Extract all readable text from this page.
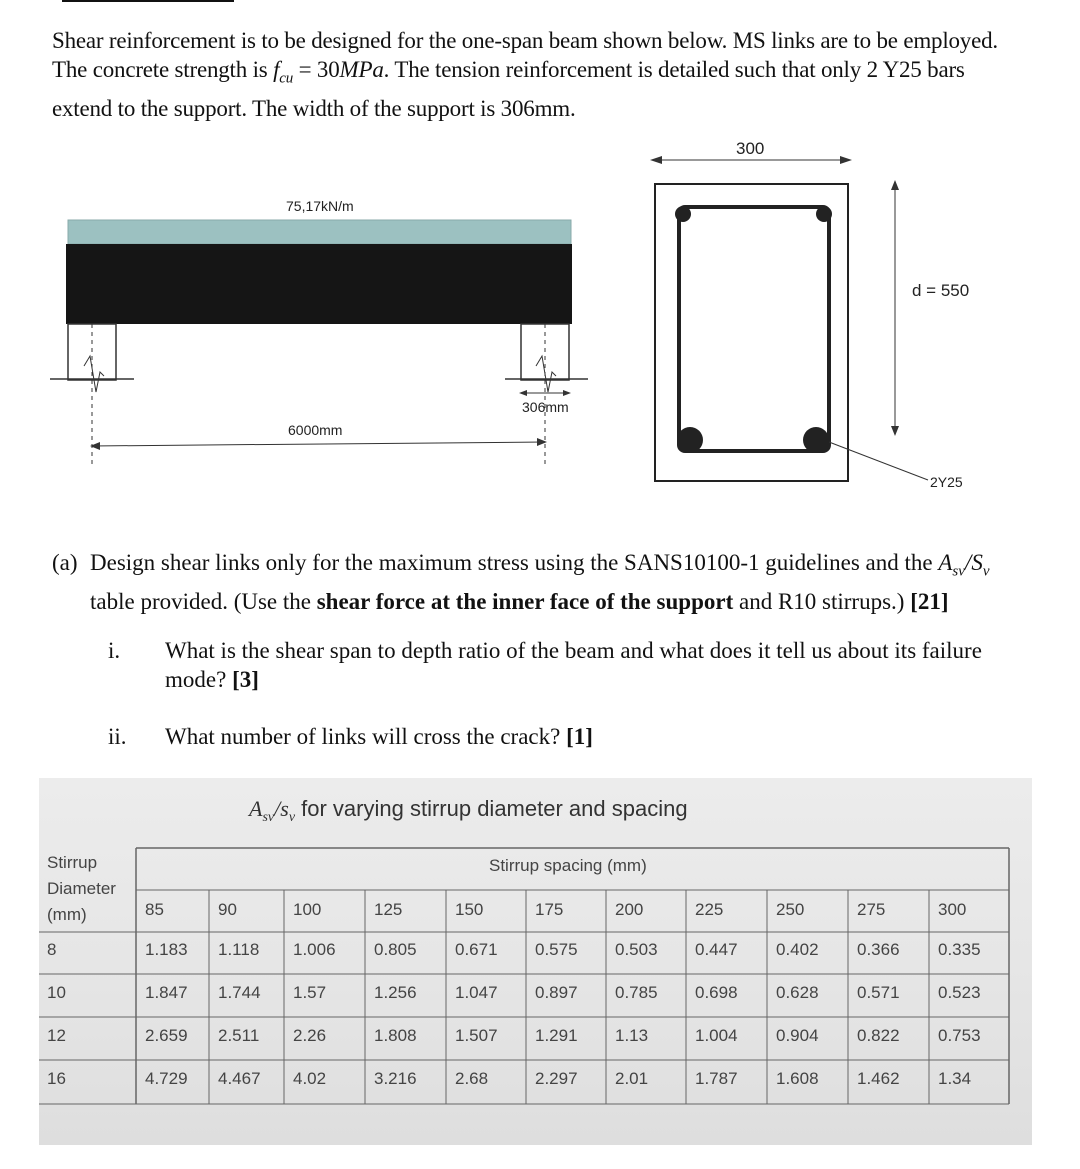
Shear reinforcement is to be designed for the one-span beam shown below. MS links are to be employed.
The concrete strength is $f_{cu} = 30MPa$. The tension reinforcement is detailed such that only 2 Y25 bars
extend to the support. The width of the support is 306mm.
75,17kN/m
306mm
6000mm
300
d = 550
2Y25
(a) Design shear links only for the maximum stress using the SANS10100-1 guidelines and the $A_{sv}/S_v$
table provided. (Use the shear force at the inner face of the support and R10 stirrups.) [21]
i. What is the shear span to depth ratio of the beam and what does it tell us about its failure
mode? [3]
ii. What number of links will cross the crack? [1]
$A_{sv}/s_v$ for varying stirrup diameter and spacing
Stirrup
Diameter
(mm)
Stirrup spacing (mm)
85	90	100	125	150	175	200	225	250	275	300
8	1.183 1.118 1.006 0.805 0.671 0.575 0.503 0.447 0.402 0.366 0.335
10	1.847 1.744 1.57	1.256 1.047 0.897 0.785 0.698 0.628 0.571 0.523
12	2.659 2.511 2.26	1.808 1.507 1.291 1.13	1.004 0.904 0.822 0.753
16	4.729 4.467 4.02	3.216 2.68	2.297 2.01	1.787 1.608 1.462 1.34
